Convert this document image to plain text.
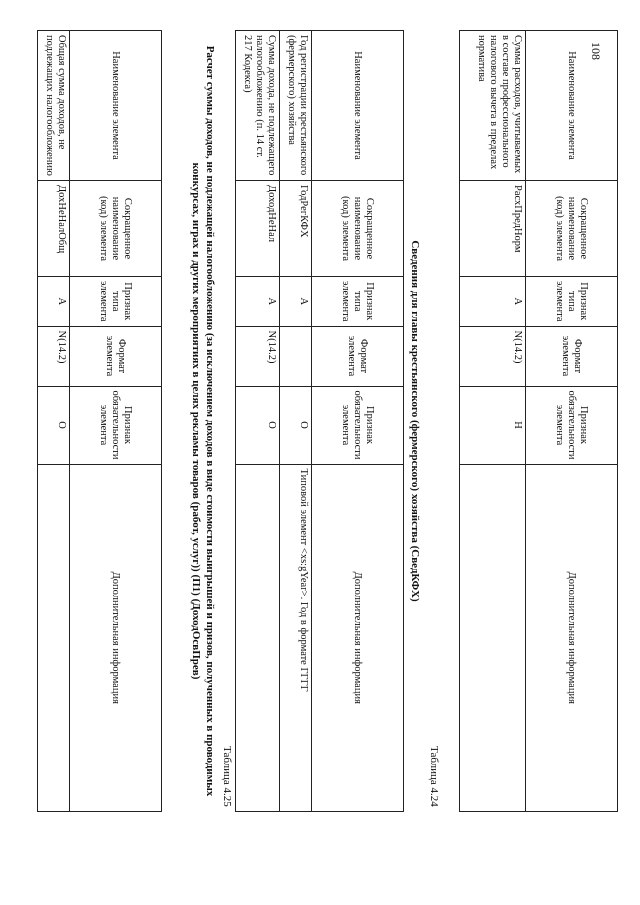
108
Наименование элемента	Сокращенное наименование (код) элемента	Признак типа элемента	Формат элемента	Признак обязательности элемента	Дополнительная информация
Сумма расходов, учитываемых в составе профессионального налогового вычета в пределах норматива	РасхПредНорм	А	N(14.2)	Н	
Таблица 4.24
Сведения для главы крестьянского (фермерского) хозяйства (СведКФХ)
Наименование элемента	Сокращенное наименование (код) элемента	Признак типа элемента	Формат элемента	Признак обязательности элемента	Дополнительная информация
Год регистрации крестьянского (фермерского) хозяйства	ГодРегКФХ	А		О	Типовой элемент <xs:gYear>. Год в формате ГГГГ
Сумма дохода, не подлежащего налогообложению (п. 14 ст. 217 Кодекса)	ДоходНеНал	А	N(14.2)	О	
Таблица 4.25
Расчет суммы доходов, не подлежащей налогообложению (за исключением доходов в виде стоимости выигрышей и призов, полученных в проводимых конкурсах, играх и других мероприятиях в целях рекламы товаров (работ, услуг)) (П1) (ДоходОсвПрев)
Наименование элемента	Сокращенное наименование (код) элемента	Признак типа элемента	Формат элемента	Признак обязательности элемента	Дополнительная информация
Общая сумма доходов, не подлежащих налогообложению	ДохНеНалОбщ	А	N(14.2)	О	
